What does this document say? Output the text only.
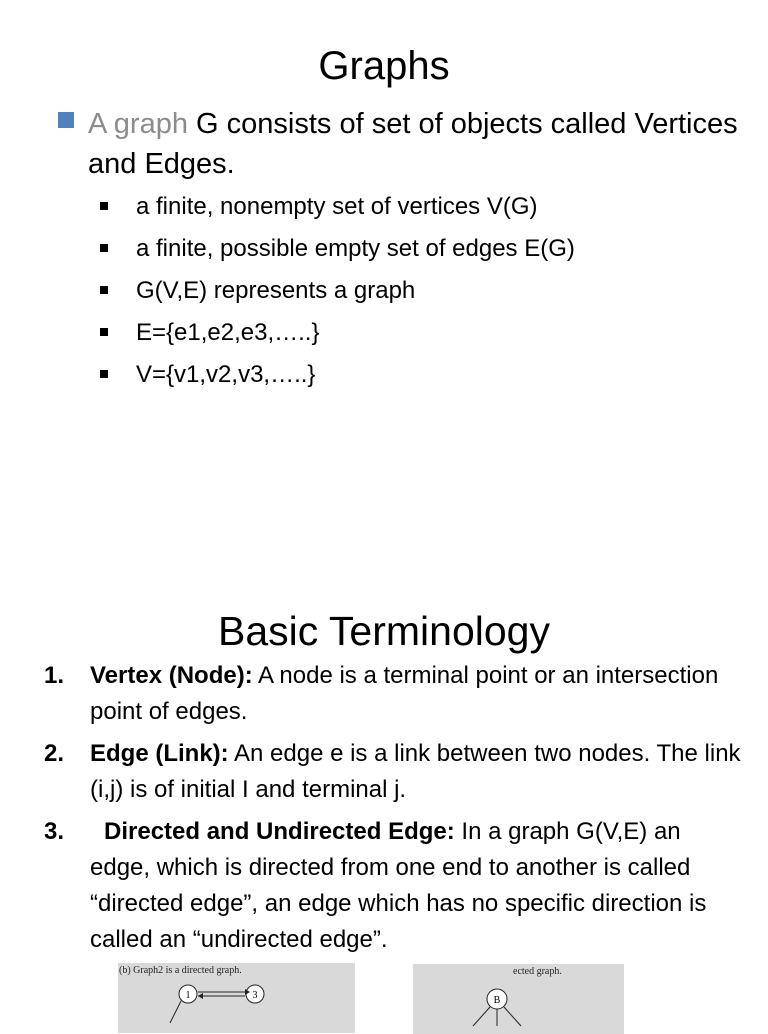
Graphs
A graph G consists of set of objects called Vertices and Edges.
a finite, nonempty set of vertices V(G)
a finite, possible empty set of edges E(G)
G(V,E) represents a graph
E={e1,e2,e3,…..}
V={v1,v2,v3,…..}
Basic Terminology
1. Vertex (Node): A node is a terminal point or an intersection point of edges.
2. Edge (Link): An edge e is a link between two nodes. The link (i,j) is of initial I and terminal j.
3. Directed and Undirected Edge: In a graph G(V,E) an edge, which is directed from one end to another is called “directed edge”, an edge which has no specific direction is called an “undirected edge”.
(b) Graph2 is a directed graph.
1	3
ected graph.
B
